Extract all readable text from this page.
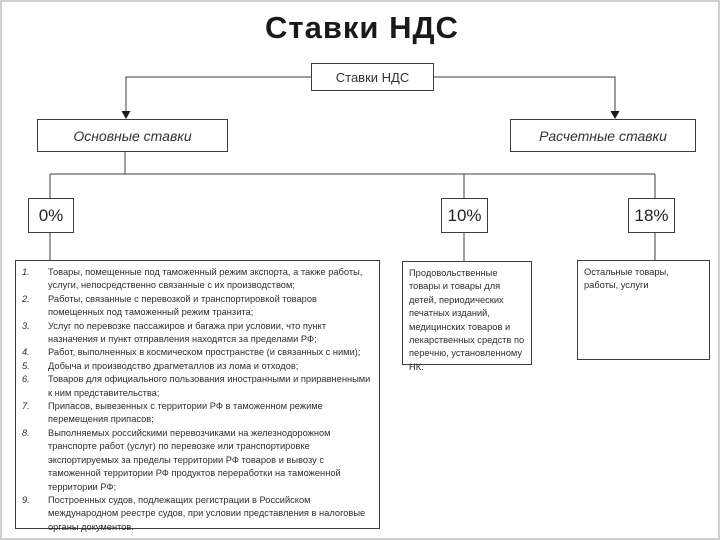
Ставки НДС
Ставки НДС
Основные ставки	Расчетные ставки
0%	10%	18%
1.	Товары, помещенные под таможенный режим экспорта, а также работы, услуги, непосредственно связанные с их производством;
2.	Работы, связанные с перевозкой и транспортировкой товаров помещенных под таможенный режим транзита;
3.	Услуг по перевозке пассажиров и багажа при условии, что пункт назначения и пункт отправления находятся за пределами РФ;
4.	Работ, выполненных в космическом пространстве (и связанных с ними);
5.	Добыча и производство драгметаллов из лома и отходов;
6.	Товаров для официального пользования иностранными и приравненными к ним представительства;
7.	Припасов, вывезенных с территории РФ в таможенном режиме перемещения припасов;
8.	Выполняемых российскими перевозчиками на железнодорожном транспорте работ (услуг) по перевозке или транспортировке экспортируемых за пределы территории РФ товаров и вывозу с таможенной территории РФ продуктов переработки на таможенной территории РФ;
9.	Построенных судов, подлежащих регистрации в Российском международном реестре судов, при условии представления в налоговые органы документов.
Продовольственные товары и товары для детей, периодических печатных изданий, медицинских товаров и лекарственных средств по перечню, установленному НК.
Остальные товары, работы, услуги
